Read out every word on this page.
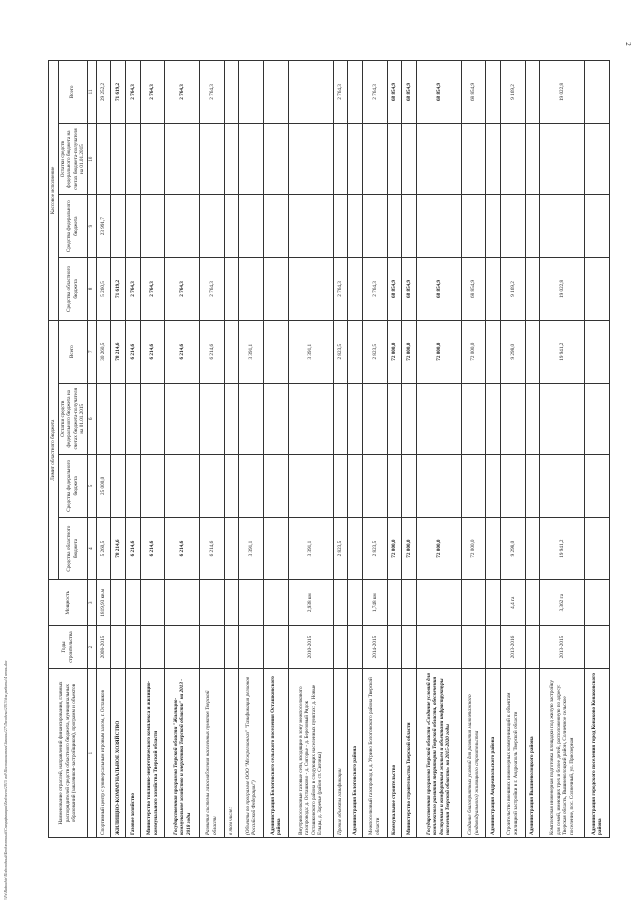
2
Наименование отраслей, направлений финансирования, главных распорядителей средств областного бюджета, муниципальных образований (заказчиков-застройщиков), программ и объектов	Годы строительства	Мощность	Лимит областного бюджета				Кассовое исполнение			
			Средства областного бюджета	Средства федерального бюджета	Остатки средств федерального бюджета на счетах бюджета-получателя на 01.01.2015	Всего	Средства областного бюджета	Средства федерального бюджета	Остатки средств федерального бюджета на счетах бюджета-получателя на 01.01.2015	Всего
1	2	3	4	5	6	7	8	9	10	11
Спортивный центр с универсальным игровым залом, г. Осташков	2008-2015	1819,93 кв.м	5 260,5	25 000,0		30 260,5	5 260,5	23 991,7		29 252,2
ЖИЛИЩНО-КОММУНАЛЬНОЕ ХОЗЯЙСТВО			78 214,6			78 214,6	71 619,2			71 619,2
Газовое хозяйство			6 214,6			6 214,6	2 764,3			2 764,3
Министерство топливно-энергетического комплекса и жилищно-коммунального хозяйства Тверской области			6 214,6			6 214,6	2 764,3			2 764,3
Государственная программа Тверской области "Жилищно-коммунальное хозяйство и энергетика Тверской области" на 2013 - 2018 годы			6 214,6			6 214,6	2 764,3			2 764,3
Развитие системы газоснабжения населенных пунктов Тверской области			6 214,6			6 214,6	2 764,3			2 764,3
в том числе:										
(Объекты по программе ООО "Межрегионгаз" "Газификация регионов Российской Федерации")			3 391,1			3 391,1				
Администрация Бологовского сельского поселения Осташковского района										
Внутрипоселковые газовые сети, входящие в зону межпоселкового газопровода: д. Осташково - д. Сигорье - д. Березовый Рядок Осташковского района в следующих населенных пунктах: д. Новые Ельцы, д. Заречье (район ст. Сиговка)	2010-2015	2,938 км	3 391,1			3 391,1				
Прочие объекты газификации			2 823,5			2 823,5	2 764,3			2 764,3
Администрация Бологовского района										
Межпоселковый газопровод к д. Угрино Бологовского района Тверской области	2014-2015	1,748 км	2 823,5			2 823,5	2 764,3			2 764,3
Коммунальное строительство			72 000,0			72 000,0	68 854,9			68 854,9
Министерство строительства Тверской области			72 000,0			72 000,0	68 854,9			68 854,9
Государственная программа Тверской области «Создание условий для комплексного развития территории Тверской области, обеспечения доступным и комфортным жильем и объектами инфраструктуры населения Тверской области» на 2015-2020 годы			72 000,0			72 000,0	68 854,9			68 854,9
Создание благоприятных условий для развития малоэтажного (индивидуального) жилищного строительства			72 000,0			72 000,0	68 854,9			68 854,9
Администрация Андреапольского района										
Строительство внешних инженерных коммуникаций к объектам жилищной застройки в г. Андреаполь Тверской области	2013-2016	4,4 га	9 298,0			9 298,0	9 169,2			9 169,2
Администрация Вышневолоцкого района										
Комплексная инженерная подготовка площадки под жилую застройку для семей, имеющих трех и более детей, расположенную по адресу: Тверская область, Вышневолоцкий район, Солнечное сельское поселение, пос. Солнечный, ул. Приозерная	2013-2015	3,362 га	19 941,2			19 941,2	19 022,8			19 022,8
Администрация городского поселения город Конаково Конаковского района										
\\Fs\Rabochie\Подоходный\Бюджетный\Спецификации\Бюджет\2015 год\Постановления\Законы\27\Лесодеко\2015\для работы\4 июнь.doc
